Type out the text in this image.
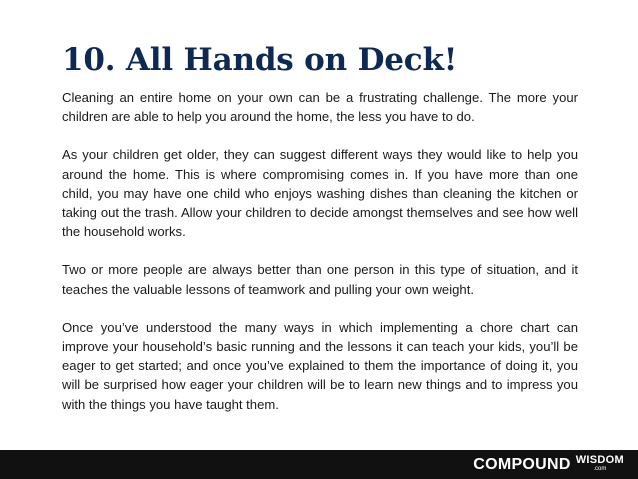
10. All Hands on Deck!

Cleaning an entire home on your own can be a frustrating challenge. The more your children are able to help you around the home, the less you have to do.

As your children get older, they can suggest different ways they would like to help you around the home. This is where compromising comes in. If you have more than one child, you may have one child who enjoys washing dishes than cleaning the kitchen or taking out the trash. Allow your children to decide amongst themselves and see how well the household works.

Two or more people are always better than one person in this type of situation, and it teaches the valuable lessons of teamwork and pulling your own weight.

Once you’ve understood the many ways in which implementing a chore chart can improve your household’s basic running and the lessons it can teach your kids, you’ll be eager to get started; and once you’ve explained to them the importance of doing it, you will be surprised how eager your children will be to learn new things and to impress you with the things you have taught them.

COMPOUND WISDOM
.com
